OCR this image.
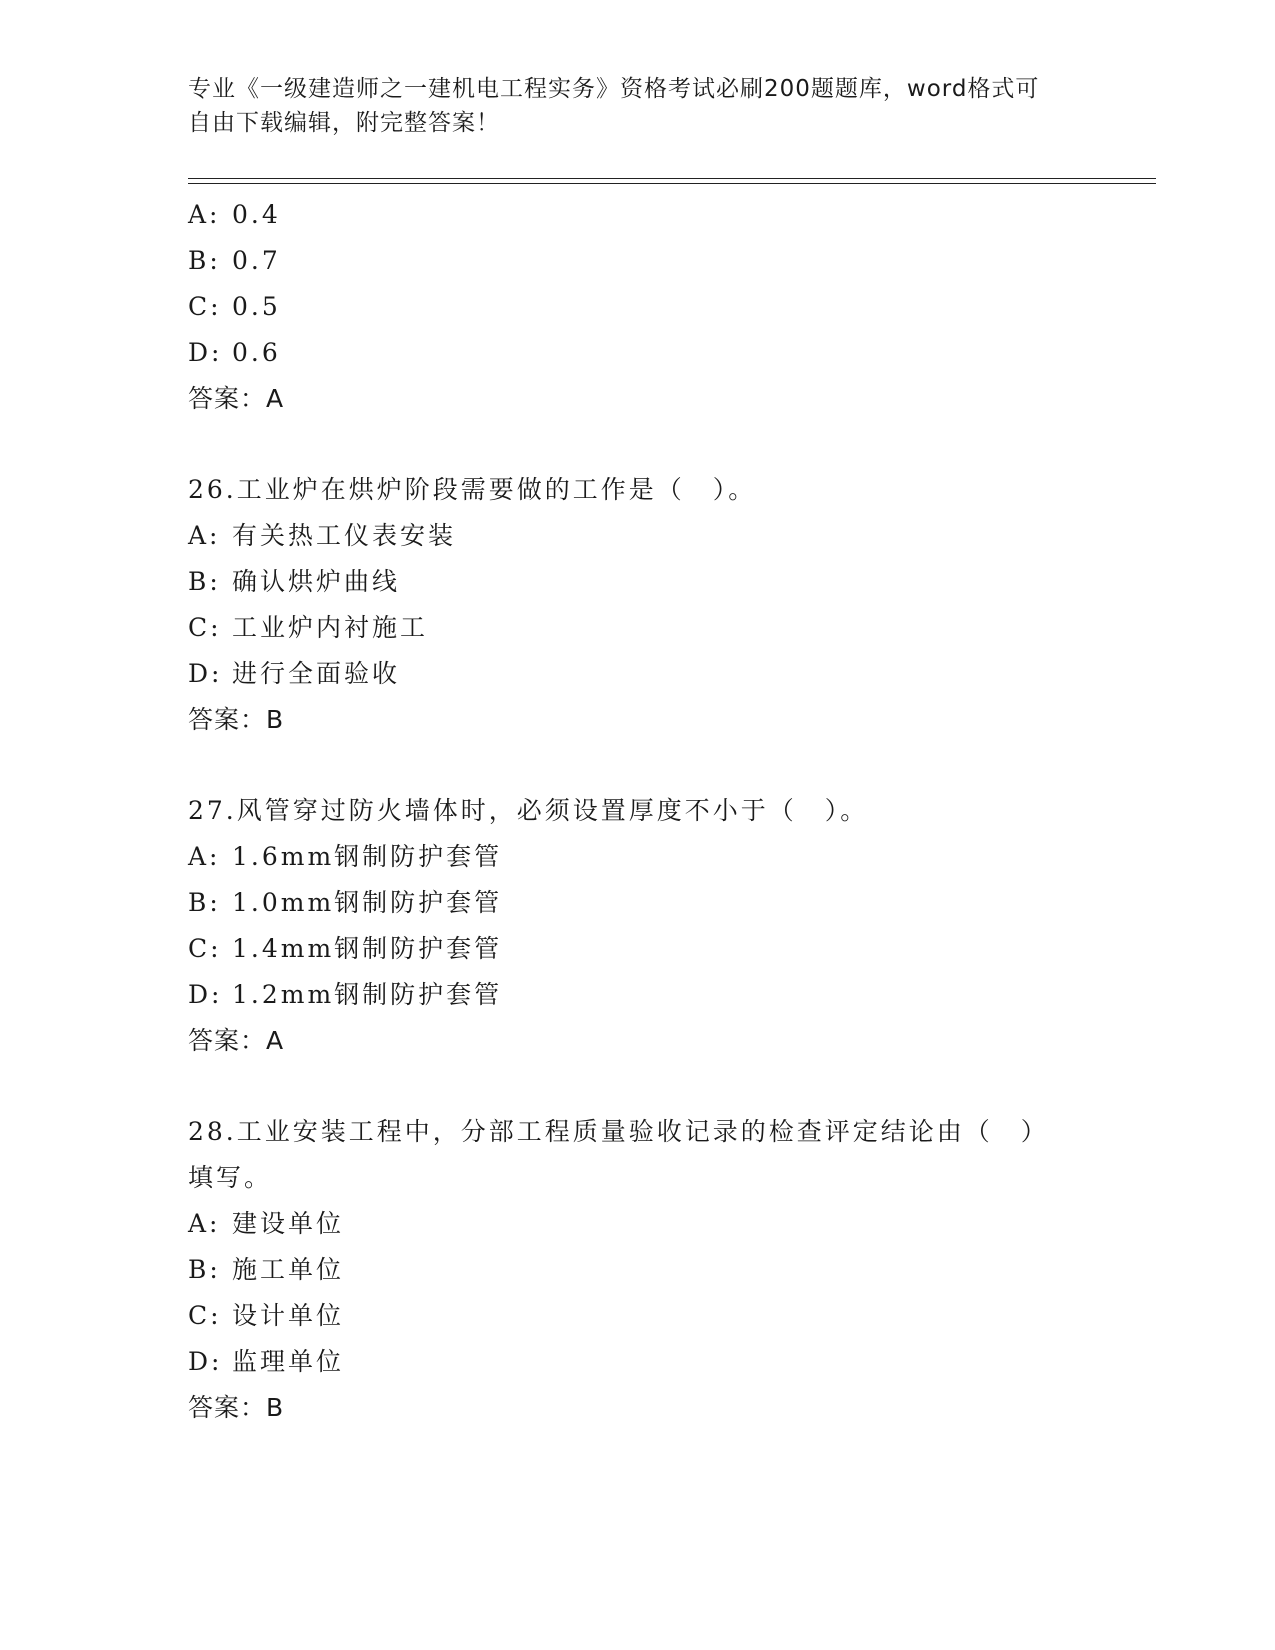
专业《一级建造师之一建机电工程实务》资格考试必刷200题题库，word格式可
自由下载编辑，附完整答案！
A: 0.4
B: 0.7
C: 0.5
D: 0.6
答案：A
26.工业炉在烘炉阶段需要做的工作是（　）。
A: 有关热工仪表安装
B: 确认烘炉曲线
C: 工业炉内衬施工
D: 进行全面验收
答案：B
27.风管穿过防火墙体时，必须设置厚度不小于（　）。
A: 1.6mm钢制防护套管
B: 1.0mm钢制防护套管
C: 1.4mm钢制防护套管
D: 1.2mm钢制防护套管
答案：A
28.工业安装工程中，分部工程质量验收记录的检查评定结论由（　）
填写。
A: 建设单位
B: 施工单位
C: 设计单位
D: 监理单位
答案：B
